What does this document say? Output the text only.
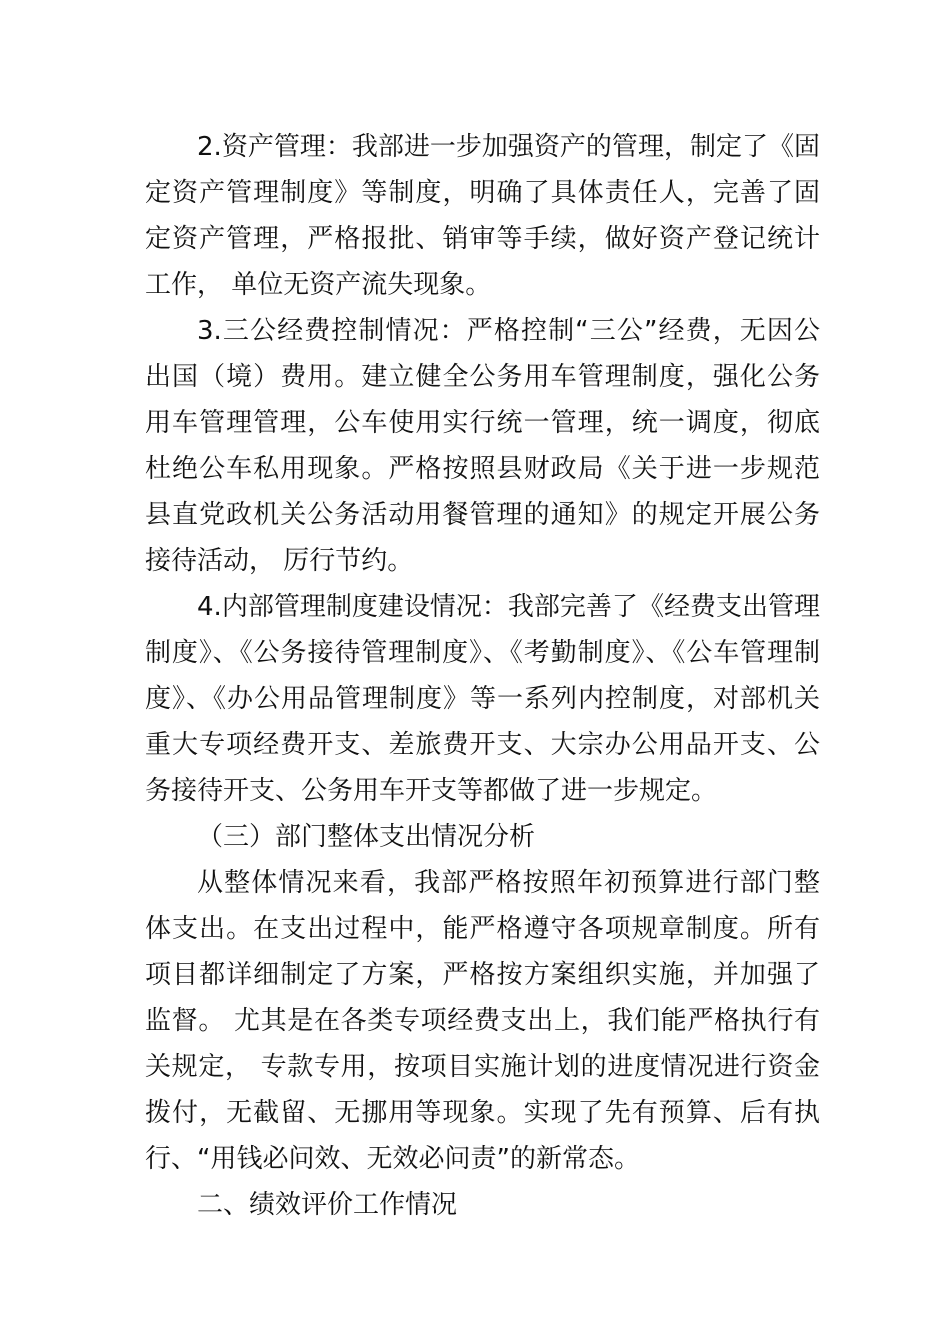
2.资产管理：我部进一步加强资产的管理，制定了《固定资产管理制度》等制度，明确了具体责任人，完善了固定资产管理，严格报批、销审等手续，做好资产登记统计工作， 单位无资产流失现象。

3.三公经费控制情况：严格控制“三公”经费，无因公出国（境）费用。建立健全公务用车管理制度，强化公务用车管理管理，公车使用实行统一管理，统一调度，彻底杜绝公车私用现象。严格按照县财政局《关于进一步规范县直党政机关公务活动用餐管理的通知》的规定开展公务接待活动， 厉行节约。

4.内部管理制度建设情况：我部完善了《经费支出管理制度》、《公务接待管理制度》、《考勤制度》、《公车管理制度》、《办公用品管理制度》等一系列内控制度，对部机关重大专项经费开支、差旅费开支、大宗办公用品开支、公务接待开支、公务用车开支等都做了进一步规定。

（三）部门整体支出情况分析

从整体情况来看，我部严格按照年初预算进行部门整体支出。在支出过程中，能严格遵守各项规章制度。所有项目都详细制定了方案，严格按方案组织实施，并加强了监督。 尤其是在各类专项经费支出上，我们能严格执行有关规定， 专款专用，按项目实施计划的进度情况进行资金拨付，无截留、无挪用等现象。实现了先有预算、后有执行、“用钱必问效、无效必问责”的新常态。

二、绩效评价工作情况
